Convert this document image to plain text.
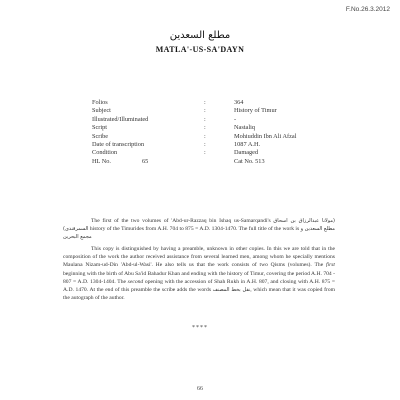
F.No.26.3.2012
مطلع السعدين
MATLA'-US-SA'DAYN
Folios	:	364
Subject	:	History of Timur
Illustrated/Illuminated	:	-
Script	:	Nastaliq
Scribe	:	Mohiuddin Ibn Ali Afzal
Date of transcription	:	1087 A.H.
Condition	:	Damaged
HL No.	65	Cat No. 513

The first of the two volumes of 'Abd-ur-Razzaq bin Ishaq us-Samarqandi's (مولانا عبدالرزاق بن اسحاق السمرقندی) history of the Timurides from A.H. 704 to 875 = A.D. 1304-1470. The full title of the work is مطلع السعدین و مجمع البحرین

This copy is distinguished by having a preamble, unknown in other copies. In this we are told that in the composition of the work the author received assistance from several learned men, among whom he specially mentions Maulana Nizam-ud-Din 'Abd-ul-Wasi'. He also tells us that the work consists of two Qisms (volumes). The first beginning with the birth of Abu Sa'id Bahadur Khan and ending with the history of Timur, covering the period A.H. 704 - 807 = A.D. 1304-1404. The second opening with the accession of Shah Rukh in A.H. 807, and closing with A.H. 875 = A.D. 1470. At the end of this preamble the scribe adds the words نقل بخط المصنف, which mean that it was copied from the autograph of the author.

****
66
